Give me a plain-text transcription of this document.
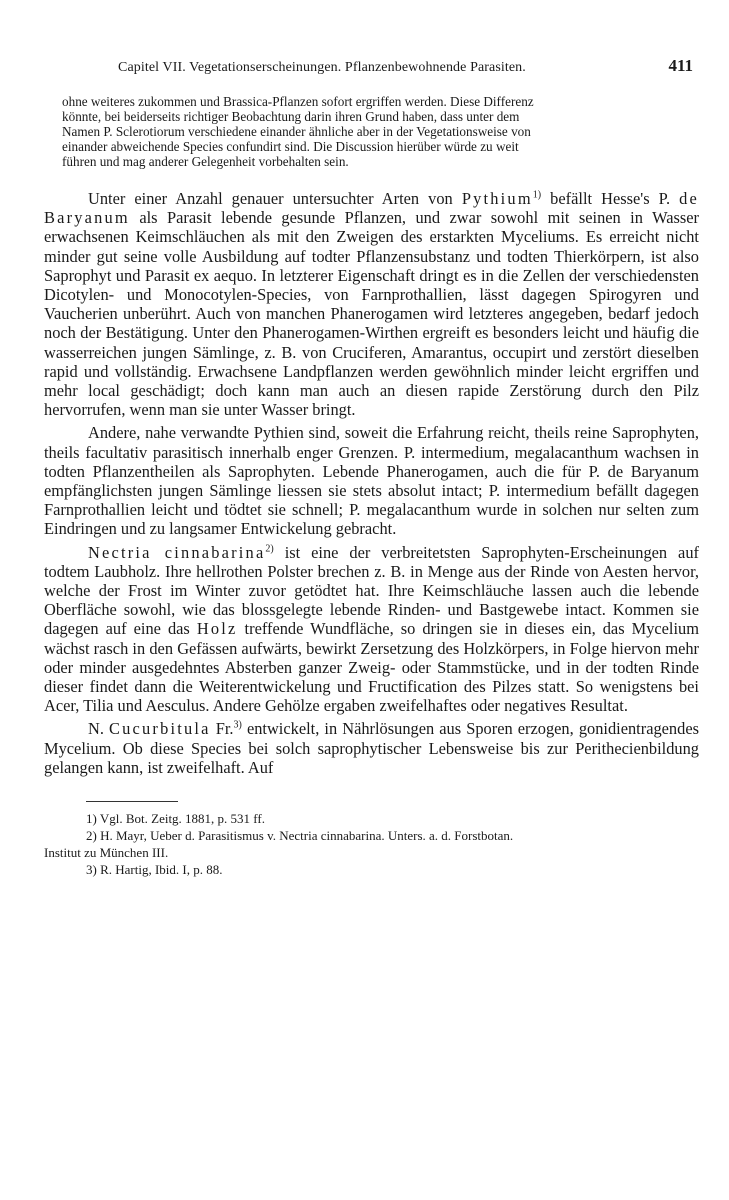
Capitel VII. Vegetationserscheinungen. Pflanzenbewohnende Parasiten.	411

ohne weiteres zukommen und Brassica-Pflanzen sofort ergriffen werden. Diese Differenz

könnte, bei beiderseits richtiger Beobachtung darin ihren Grund haben, dass unter dem

Namen P. Sclerotiorum verschiedene einander ähnliche aber in der Vegetationsweise von

einander abweichende Species confundirt sind. Die Discussion hierüber würde zu weit

führen und mag anderer Gelegenheit vorbehalten sein.

Unter einer Anzahl genauer untersuchter Arten von Pythium$^{1)}$ befällt Hesse's P. de Baryanum als Parasit lebende gesunde Pflanzen, und zwar sowohl mit seinen in Wasser erwachsenen Keimschläuchen als mit den Zweigen des erstarkten Myceliums. Es erreicht nicht minder gut seine volle Ausbildung auf todter Pflanzensubstanz und todten Thierkörpern, ist also Saprophyt und Parasit ex aequo. In letzterer Eigenschaft dringt es in die Zellen der verschiedensten Dicotylen- und Monocotylen-Species, von Farnprothallien, lässt dagegen Spirogyren und Vaucherien unberührt. Auch von manchen Phanerogamen wird letzteres angegeben, bedarf jedoch noch der Bestätigung. Unter den Phanerogamen-Wirthen ergreift es besonders leicht und häufig die wasserreichen jungen Sämlinge, z. B. von Cruciferen, Amarantus, occupirt und zerstört dieselben rapid und vollständig. Erwachsene Landpflanzen werden gewöhnlich minder leicht ergriffen und mehr local geschädigt; doch kann man auch an diesen rapide Zerstörung durch den Pilz hervorrufen, wenn man sie unter Wasser bringt.

Andere, nahe verwandte Pythien sind, soweit die Erfahrung reicht, theils reine Saprophyten, theils facultativ parasitisch innerhalb enger Grenzen. P. intermedium, megalacanthum wachsen in todten Pflanzentheilen als Saprophyten. Lebende Phanerogamen, auch die für P. de Baryanum empfänglichsten jungen Sämlinge liessen sie stets absolut intact; P. intermedium befällt dagegen Farnprothallien leicht und tödtet sie schnell; P. megalacanthum wurde in solchen nur selten zum Eindringen und zu langsamer Entwickelung gebracht.

Nectria cinnabarina$^{2)}$ ist eine der verbreitetsten Saprophyten-Erscheinungen auf todtem Laubholz. Ihre hellrothen Polster brechen z. B. in Menge aus der Rinde von Aesten hervor, welche der Frost im Winter zuvor getödtet hat. Ihre Keimschläuche lassen auch die lebende Oberfläche sowohl, wie das blossgelegte lebende Rinden- und Bastgewebe intact. Kommen sie dagegen auf eine das Holz treffende Wundfläche, so dringen sie in dieses ein, das Mycelium wächst rasch in den Gefässen aufwärts, bewirkt Zersetzung des Holzkörpers, in Folge hiervon mehr oder minder ausgedehntes Absterben ganzer Zweig- oder Stammstücke, und in der todten Rinde dieser findet dann die Weiterentwickelung und Fructification des Pilzes statt. So wenigstens bei Acer, Tilia und Aesculus. Andere Gehölze ergaben zweifelhaftes oder negatives Resultat.

N. Cucurbitula Fr.$^{3)}$ entwickelt, in Nährlösungen aus Sporen erzogen, gonidientragendes Mycelium. Ob diese Species bei solch saprophytischer Lebensweise bis zur Perithecienbildung gelangen kann, ist zweifelhaft. Auf

1) Vgl. Bot. Zeitg. 1881, p. 531 ff.
2) H. Mayr, Ueber d. Parasitismus v. Nectria cinnabarina. Unters. a. d. Forstbotan.
Institut zu München III.
3) R. Hartig, Ibid. I, p. 88.
